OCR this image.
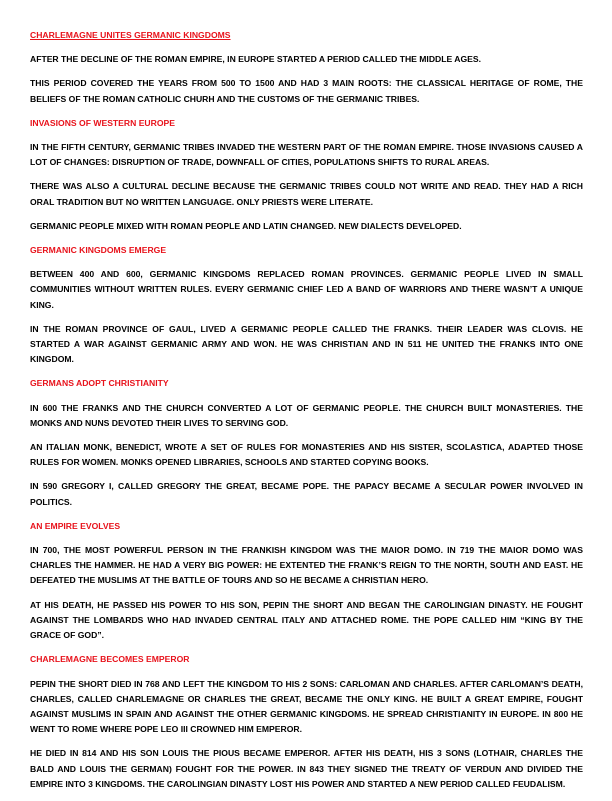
CHARLEMAGNE UNITES GERMANIC KINGDOMS
AFTER THE DECLINE OF THE ROMAN EMPIRE, IN EUROPE STARTED A PERIOD CALLED THE MIDDLE AGES.
THIS PERIOD COVERED THE YEARS FROM 500 TO 1500 AND HAD 3 MAIN ROOTS: THE CLASSICAL HERITAGE OF ROME, THE BELIEFS OF THE ROMAN CATHOLIC CHURH AND THE CUSTOMS OF THE GERMANIC TRIBES.
INVASIONS OF WESTERN EUROPE
IN THE FIFTH CENTURY, GERMANIC TRIBES INVADED THE WESTERN PART OF THE ROMAN EMPIRE. THOSE INVASIONS CAUSED A LOT OF CHANGES: DISRUPTION OF TRADE, DOWNFALL OF CITIES, POPULATIONS SHIFTS TO RURAL AREAS.
THERE WAS ALSO A CULTURAL DECLINE BECAUSE THE GERMANIC TRIBES COULD NOT WRITE AND READ. THEY HAD A RICH ORAL TRADITION BUT NO WRITTEN LANGUAGE. ONLY PRIESTS WERE LITERATE.
GERMANIC PEOPLE MIXED WITH ROMAN PEOPLE AND LATIN CHANGED. NEW DIALECTS DEVELOPED.
GERMANIC KINGDOMS EMERGE
BETWEEN 400 AND 600, GERMANIC KINGDOMS REPLACED ROMAN PROVINCES. GERMANIC PEOPLE LIVED IN SMALL COMMUNITIES WITHOUT WRITTEN RULES. EVERY GERMANIC CHIEF LED A BAND OF WARRIORS AND THERE WASN’T A UNIQUE KING.
IN THE ROMAN PROVINCE OF GAUL, LIVED A GERMANIC PEOPLE CALLED THE FRANKS. THEIR LEADER WAS CLOVIS. HE STARTED A WAR AGAINST GERMANIC ARMY AND WON. HE WAS CHRISTIAN AND IN 511 HE UNITED THE FRANKS INTO ONE KINGDOM.
GERMANS ADOPT CHRISTIANITY
IN 600 THE FRANKS AND THE CHURCH CONVERTED A LOT OF GERMANIC PEOPLE. THE CHURCH BUILT MONASTERIES. THE MONKS AND NUNS DEVOTED THEIR LIVES TO SERVING GOD.
AN ITALIAN MONK, BENEDICT, WROTE A SET OF RULES FOR MONASTERIES AND HIS SISTER, SCOLASTICA, ADAPTED THOSE RULES FOR WOMEN. MONKS OPENED LIBRARIES, SCHOOLS AND STARTED COPYING BOOKS.
IN 590 GREGORY I, CALLED GREGORY THE GREAT, BECAME POPE. THE PAPACY BECAME A SECULAR POWER INVOLVED IN POLITICS.
AN EMPIRE EVOLVES
IN 700, THE MOST POWERFUL PERSON IN THE FRANKISH KINGDOM WAS THE MAIOR DOMO. IN 719 THE MAIOR DOMO WAS CHARLES THE HAMMER. HE HAD A VERY BIG POWER: HE EXTENTED THE FRANK’S REIGN TO THE NORTH, SOUTH AND EAST. HE DEFEATED THE MUSLIMS AT THE BATTLE OF TOURS AND SO HE BECAME A CHRISTIAN HERO.
AT HIS DEATH, HE PASSED HIS POWER TO HIS SON, PEPIN THE SHORT AND BEGAN THE CAROLINGIAN DINASTY. HE FOUGHT AGAINST THE LOMBARDS WHO HAD INVADED CENTRAL ITALY AND ATTACHED ROME. THE POPE CALLED HIM “KING BY THE GRACE OF GOD”.
CHARLEMAGNE BECOMES EMPEROR
PEPIN THE SHORT DIED IN 768 AND LEFT THE KINGDOM TO HIS 2 SONS: CARLOMAN AND CHARLES. AFTER CARLOMAN’S DEATH, CHARLES, CALLED CHARLEMAGNE OR CHARLES THE GREAT, BECAME THE ONLY KING. HE BUILT A GREAT EMPIRE, FOUGHT AGAINST MUSLIMS IN SPAIN AND AGAINST THE OTHER GERMANIC KINGDOMS. HE SPREAD CHRISTIANITY IN EUROPE. IN 800 HE WENT TO ROME WHERE POPE LEO III CROWNED HIM EMPEROR.
HE DIED IN 814 AND HIS SON LOUIS THE PIOUS BECAME EMPEROR. AFTER HIS DEATH, HIS 3 SONS (LOTHAIR, CHARLES THE BALD AND LOUIS THE GERMAN) FOUGHT FOR THE POWER. IN 843 THEY SIGNED THE TREATY OF VERDUN AND DIVIDED THE EMPIRE INTO 3 KINGDOMS. THE CAROLINGIAN DINASTY LOST HIS POWER AND STARTED A NEW PERIOD CALLED FEUDALISM.
